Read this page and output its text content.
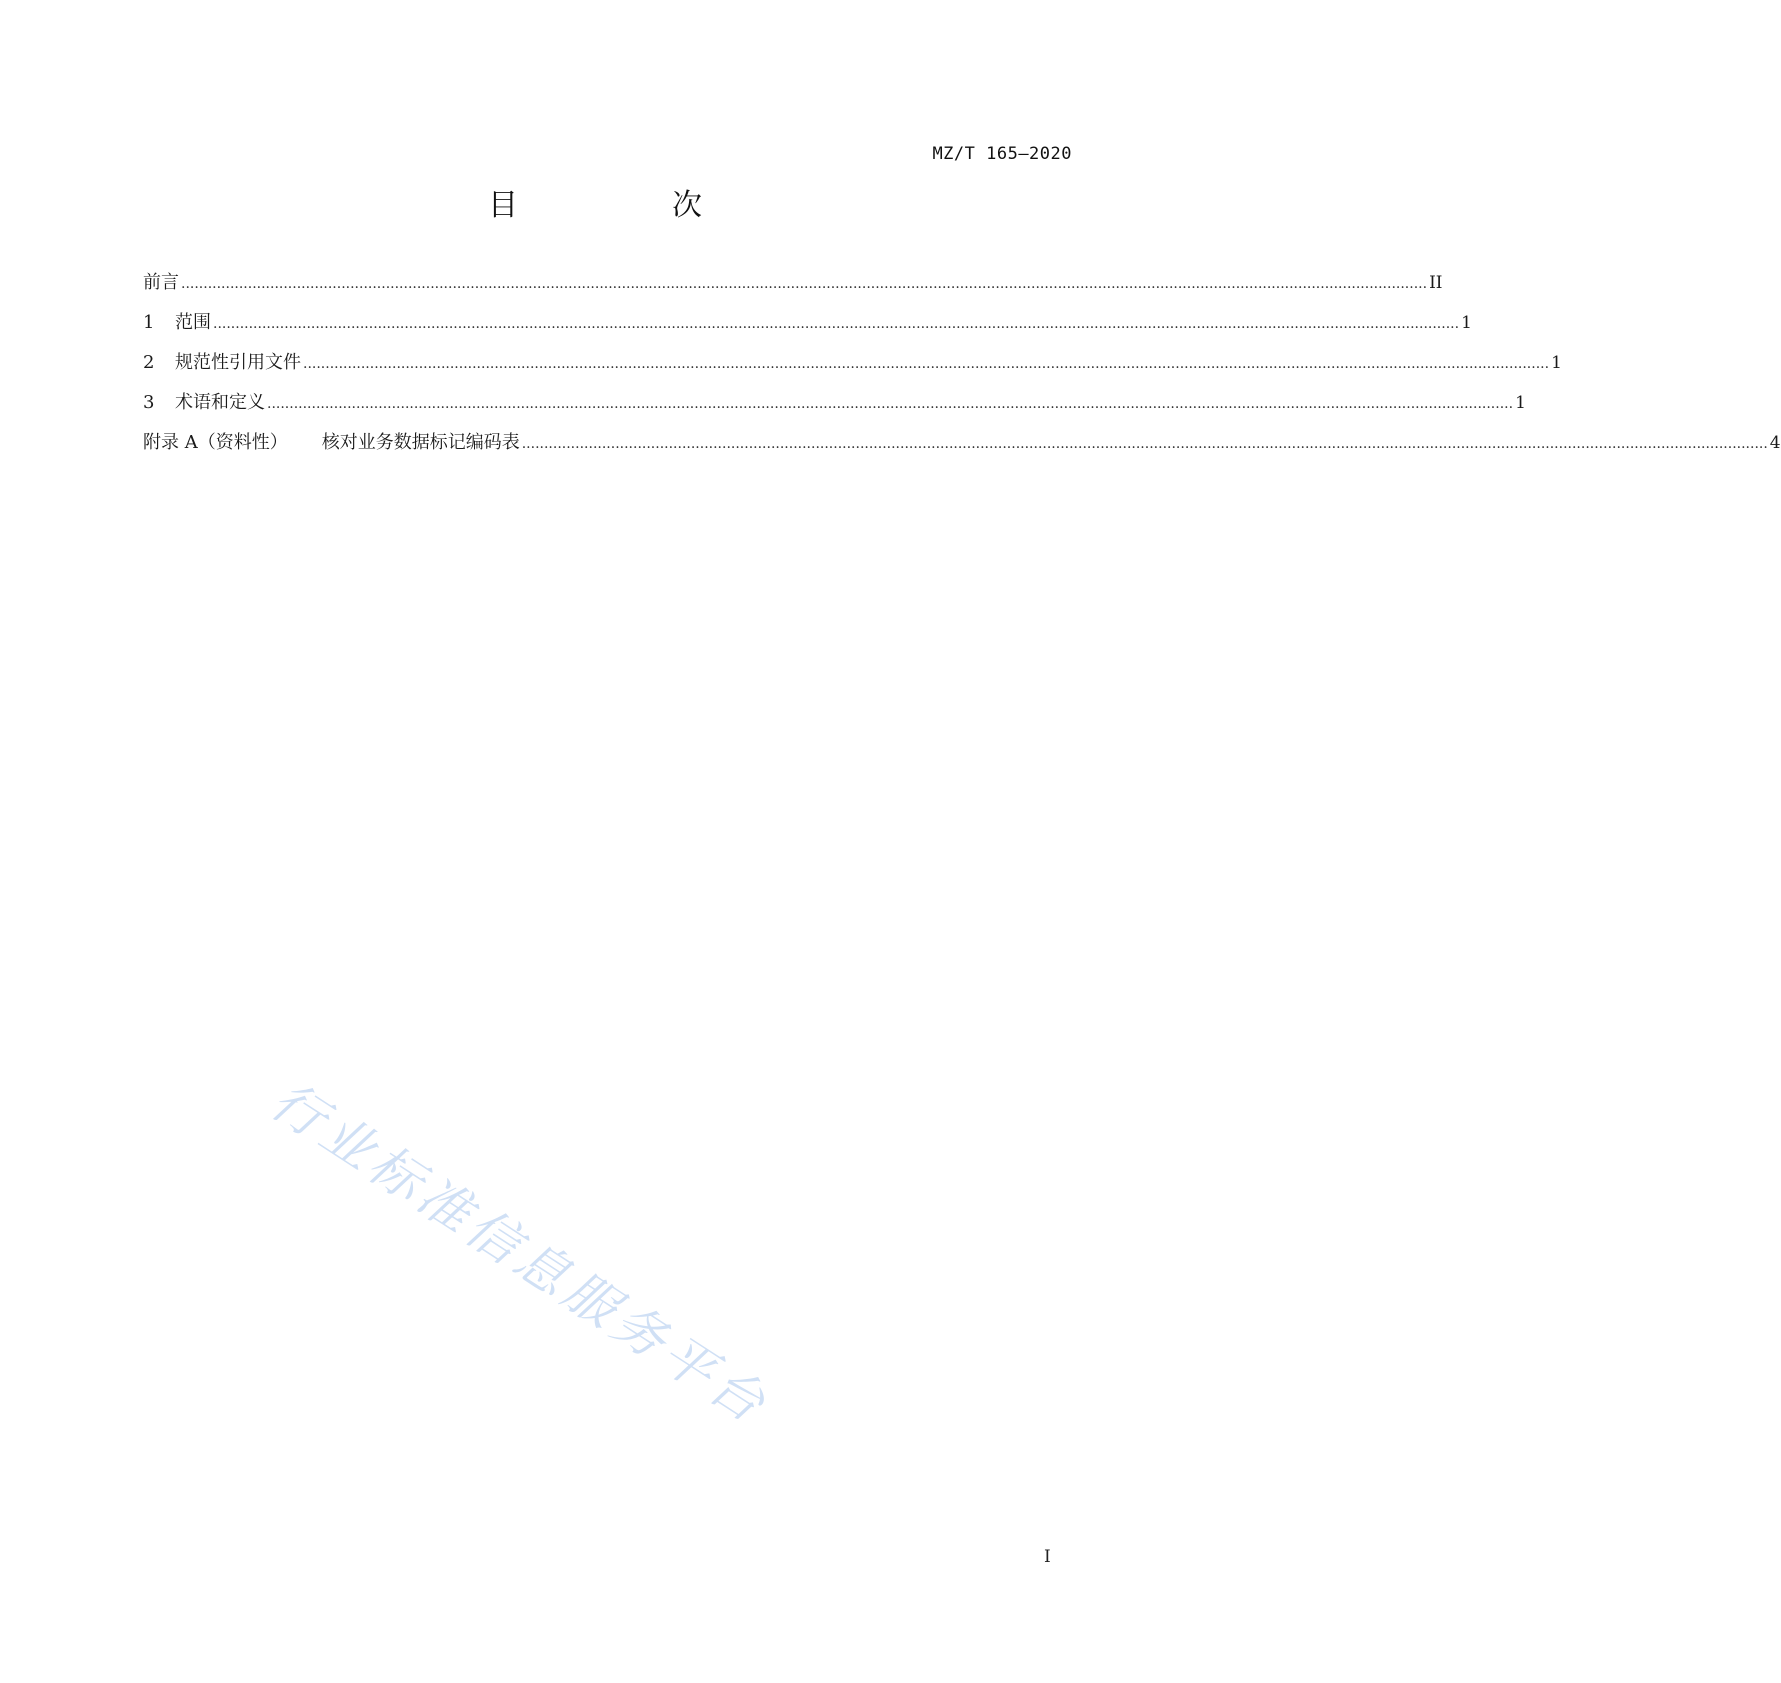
MZ/T 165—2020
目　次
前言 ........................................................................................................................................................................................................................................................................................ II
1	范围 ........................................................................................................................................................................................................................................................................................ 1
2	规范性引用文件 ........................................................................................................................................................................................................................................................................................ 1
3	术语和定义 ........................................................................................................................................................................................................................................................................................ 1
附录 A（资料性） 核对业务数据标记编码表 ........................................................................................................................................................................................................................................................................................ 4
行业标准信息服务平台
I
